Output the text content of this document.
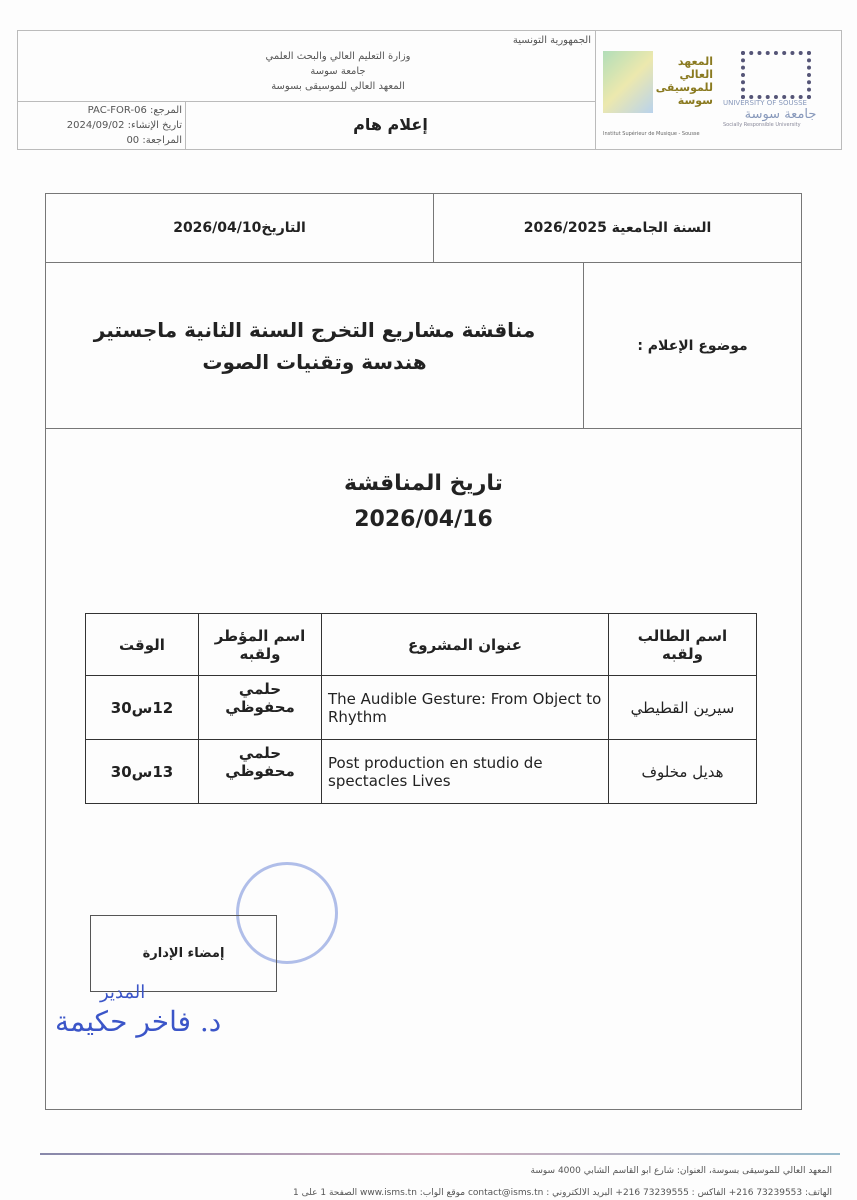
الجمهورية التونسية
وزارة التعليم العالي والبحث العلمي
جامعة سوسة
المعهد العالي للموسيقى بسوسة
إعلام هام
المرجع: PAC-FOR-06
تاريخ الإنشاء: 2024/09/02
المراجعة: 00
المعهد العالي للموسيقى سوسة
Institut Supérieur de Musique - Sousse
UNIVERSITY OF SOUSSE
جامعة سوسة
Socially Responsible University
السنة الجامعية 2026/2025
التاريخ2026/04/10
موضوع الإعلام :
مناقشة مشاريع التخرج السنة الثانية ماجستير
هندسة وتقنيات الصوت
تاريخ المناقشة
2026/04/16
اسم الطالب ولقبه	عنوان المشروع	اسم المؤطر ولقبه	الوقت
سيرين القطيطي	The Audible Gesture: From Object to Rhythm	حلمي محفوظي	12س30
هديل مخلوف	Post production en studio de spectacles Lives	حلمي محفوظي	13س30
إمضاء الإدارة
المدير
د. فاخر حكيمة
المعهد العالي للموسيقى بسوسة، العنوان: شارع ابو القاسم الشابي 4000 سوسة
الهاتف: 73239553 216+ الفاكس : 73239555 216+ البريد الالكتروني : contact@isms.tn موقع الواب: www.isms.tn الصفحة 1 على 1
